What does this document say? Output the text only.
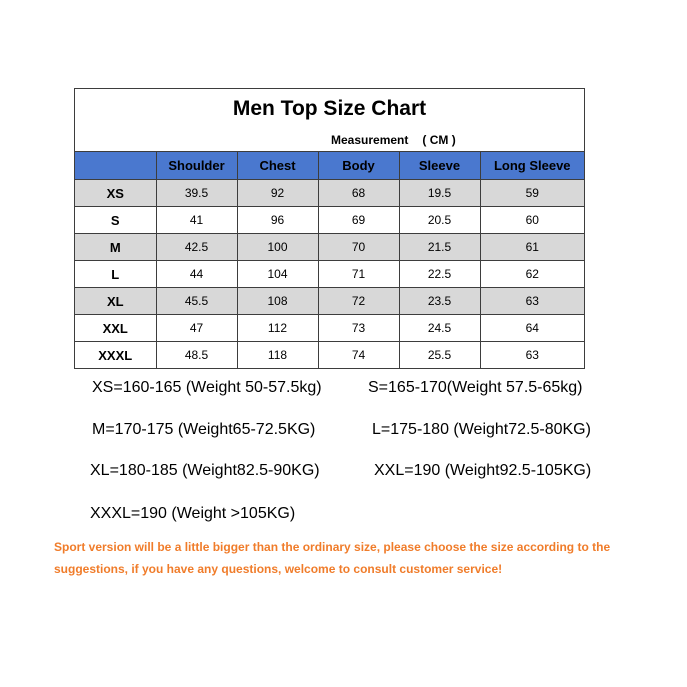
Men Top Size Chart
Measurement ( CM )
	Shoulder	Chest	Body	Sleeve	Long Sleeve
XS	39.5	92	68	19.5	59
S	41	96	69	20.5	60
M	42.5	100	70	21.5	61
L	44	104	71	22.5	62
XL	45.5	108	72	23.5	63
XXL	47	112	73	24.5	64
XXXL	48.5	118	74	25.5	63
XS=160-165 (Weight 50-57.5kg)	S=165-170(Weight 57.5-65kg)
M=170-175 (Weight65-72.5KG)	L=175-180 (Weight72.5-80KG)
XL=180-185 (Weight82.5-90KG)	XXL=190 (Weight92.5-105KG)
XXXL=190 (Weight >105KG)
Sport version will be a little bigger than the ordinary size, please choose the size according to the suggestions, if you have any questions, welcome to consult customer service!
